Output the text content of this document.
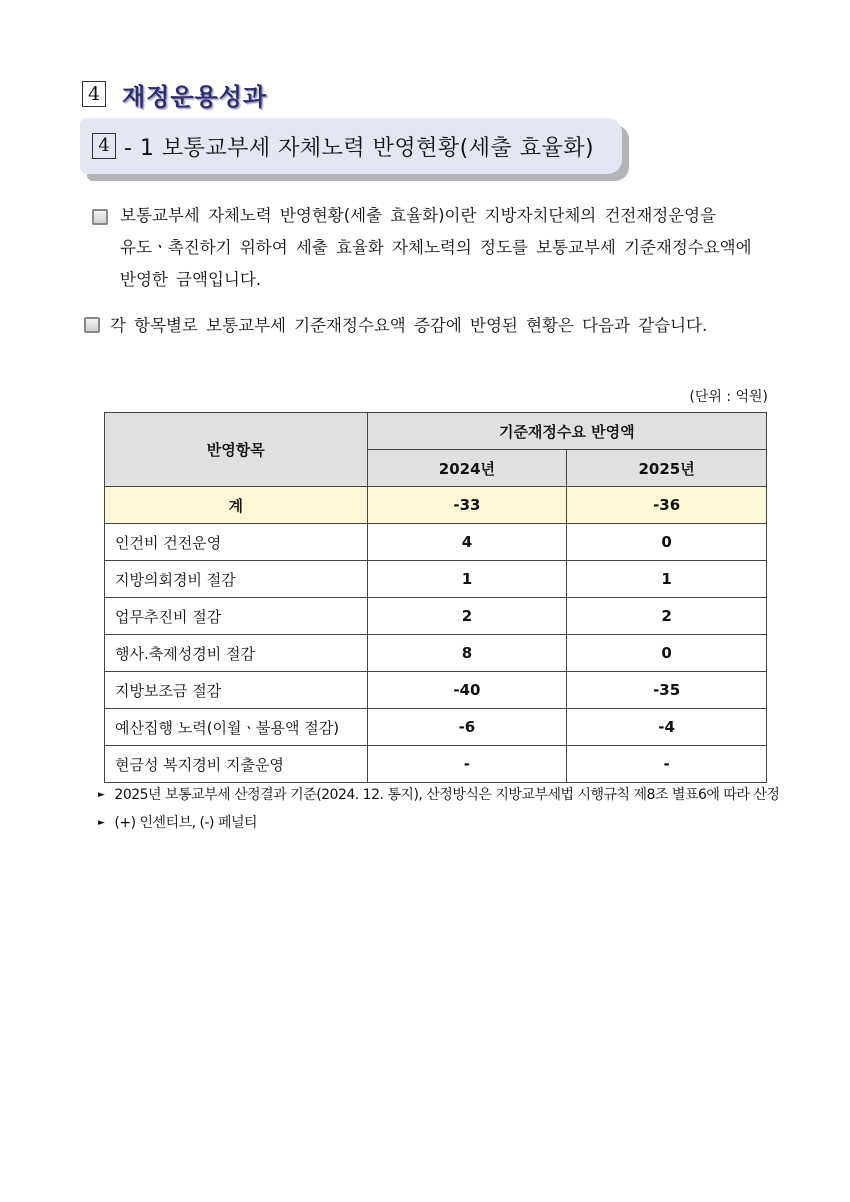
4 재정운용성과
4 - 1 보통교부세 자체노력 반영현황(세출 효율화)
보통교부세 자체노력 반영현황(세출 효율화)이란 지방자치단체의 건전재정운영을
유도ㆍ촉진하기 위하여 세출 효율화 자체노력의 정도를 보통교부세 기준재정수요액에
반영한 금액입니다.
각 항목별로 보통교부세 기준재정수요액 증감에 반영된 현황은 다음과 같습니다.
(단위 : 억원)
반영항목	기준재정수요 반영액	
	2024년	2025년
계	-33	-36
인건비 건전운영	4	0
지방의회경비 절감	1	1
업무추진비 절감	2	2
행사.축제성경비 절감	8	0
지방보조금 절감	-40	-35
예산집행 노력(이월ㆍ불용액 절감)	-6	-4
현금성 복지경비 지출운영	-	-
► 2025년 보통교부세 산정결과 기준(2024. 12. 통지), 산정방식은 지방교부세법 시행규칙 제8조 별표6에 따라 산정
► (+) 인센티브, (-) 페널티
